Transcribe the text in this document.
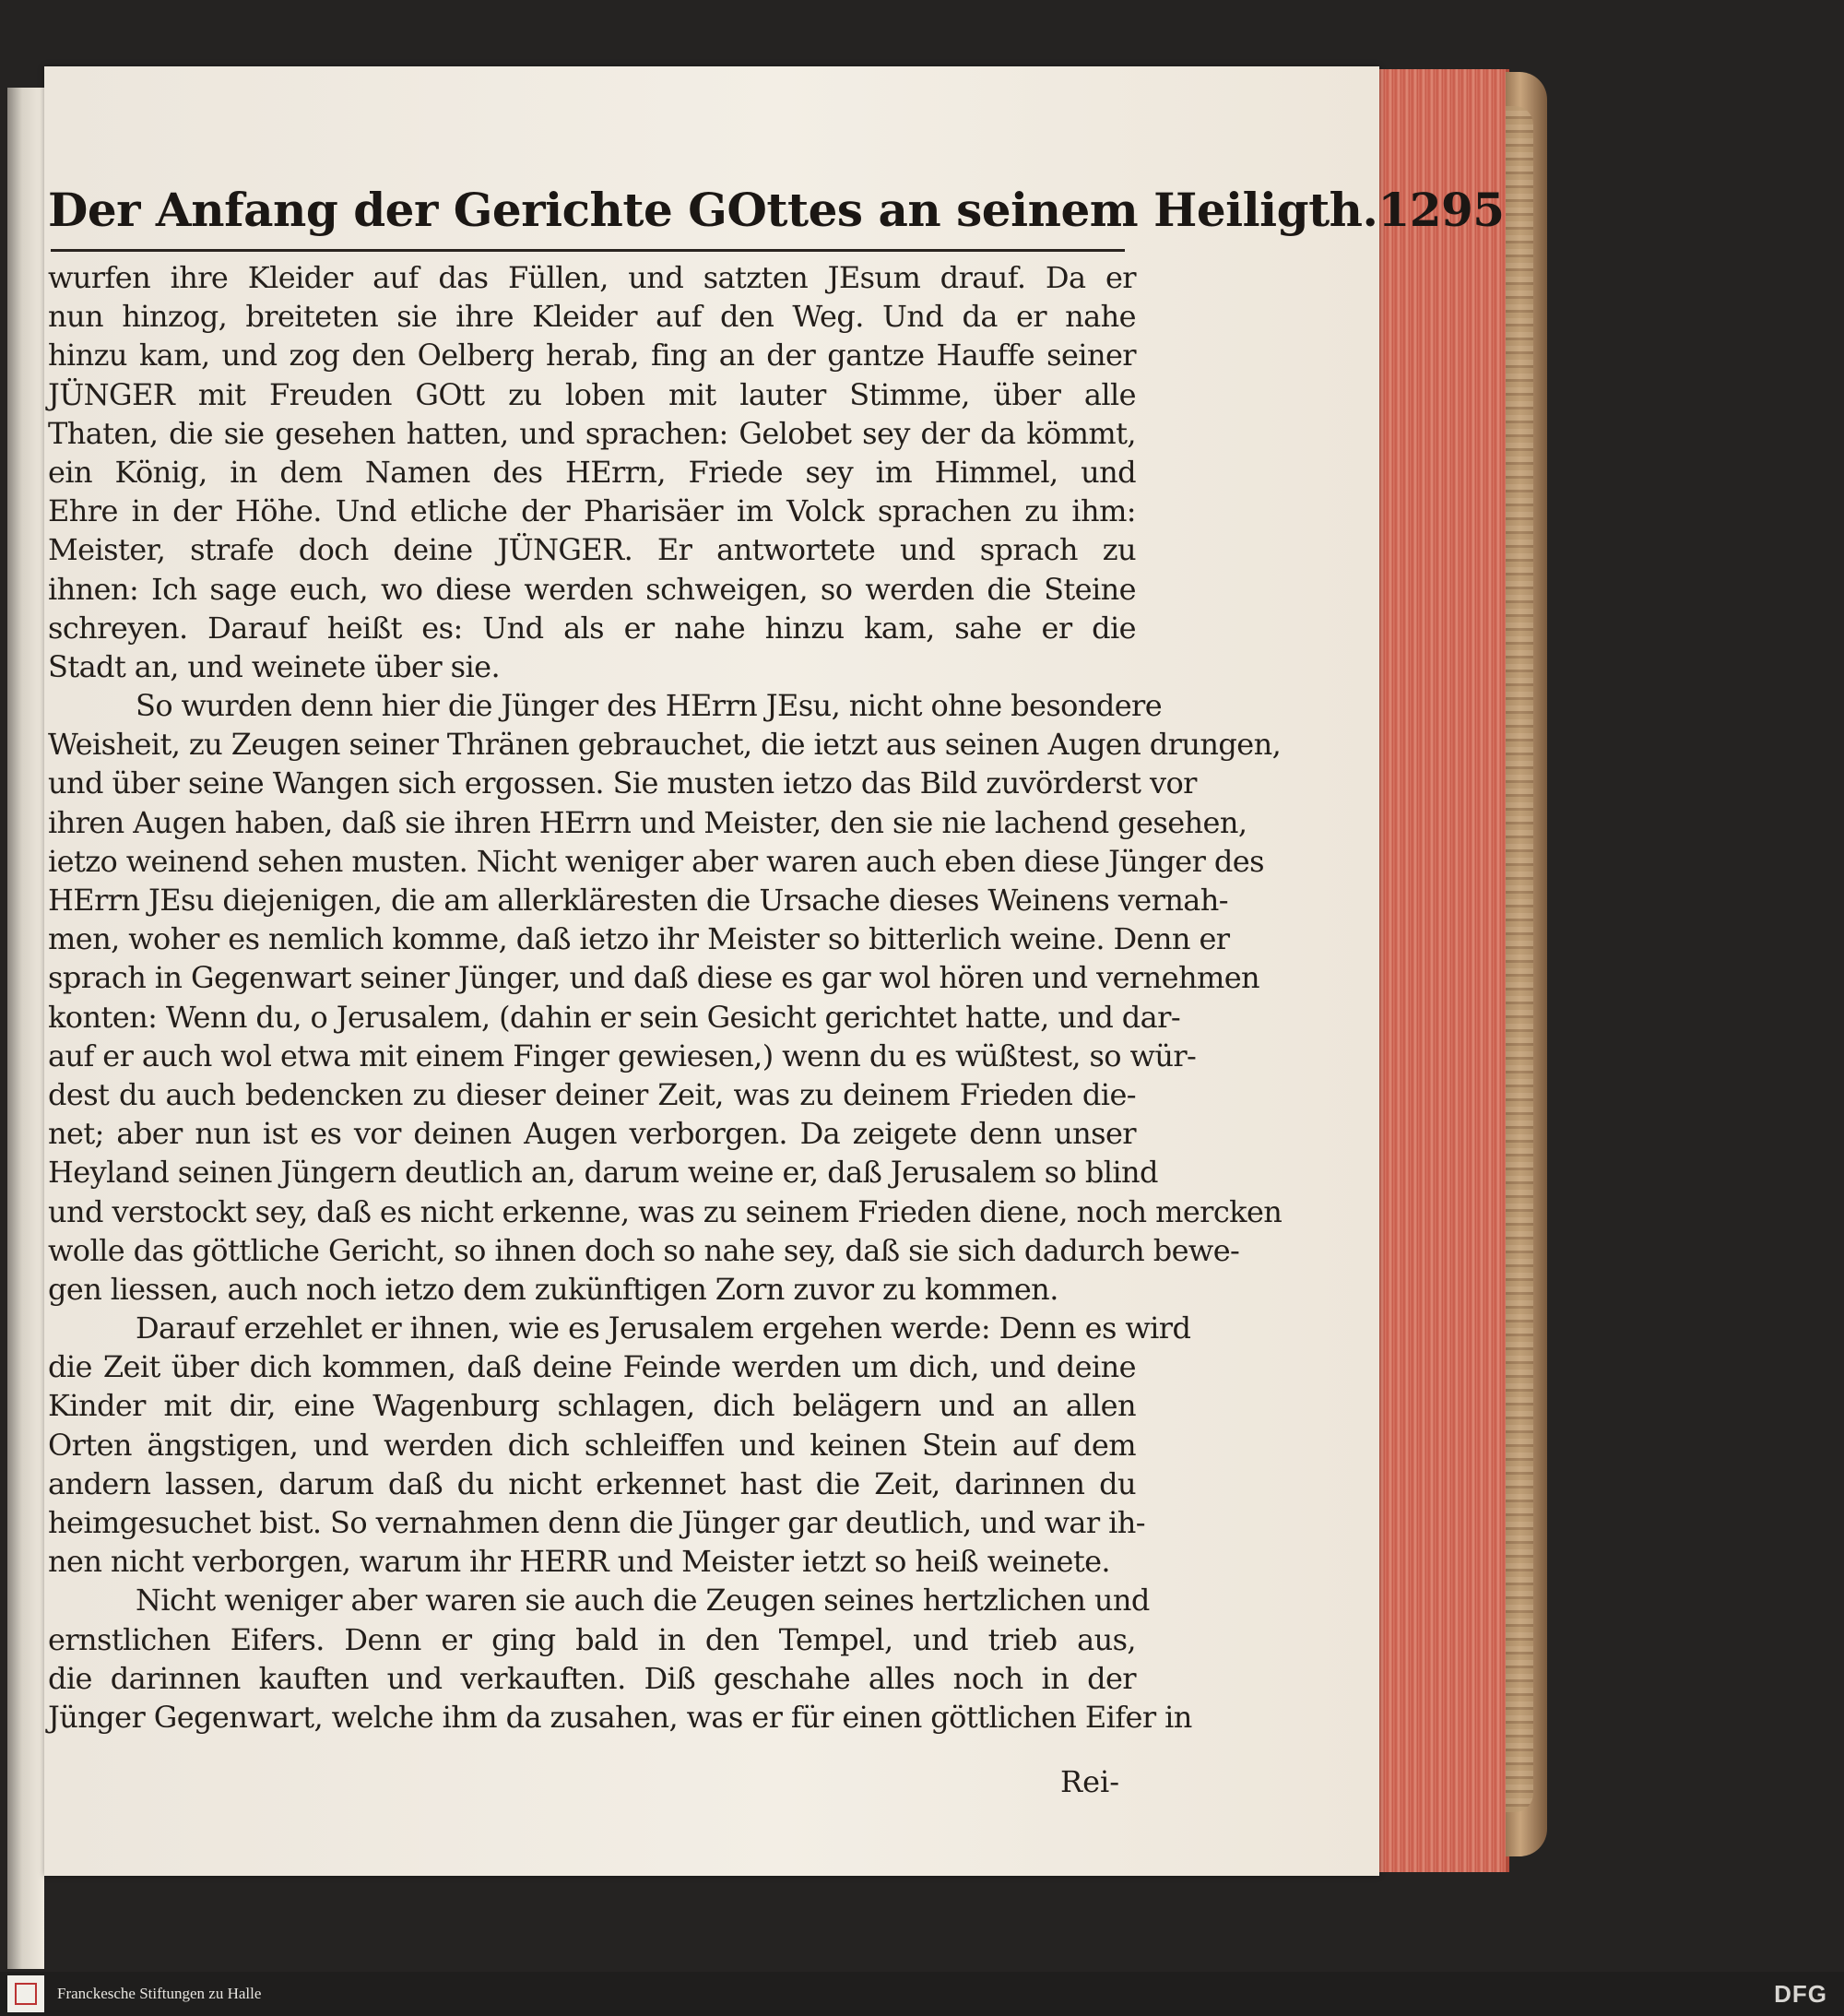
Der Anfang der Gerichte GOttes an seinem Heiligth. 1295
wurfen ihre Kleider auf das Füllen, und satzten JEsum drauf. Da er
nun hinzog, breiteten sie ihre Kleider auf den Weg. Und da er nahe
hinzu kam, und zog den Oelberg herab, fing an der gantze Hauffe seiner
JÜNGER mit Freuden GOtt zu loben mit lauter Stimme, über alle
Thaten, die sie gesehen hatten, und sprachen: Gelobet sey der da kömmt,
ein König, in dem Namen des HErrn, Friede sey im Himmel, und
Ehre in der Höhe. Und etliche der Pharisäer im Volck sprachen zu ihm:
Meister, strafe doch deine JÜNGER. Er antwortete und sprach zu
ihnen: Ich sage euch, wo diese werden schweigen, so werden die Steine
schreyen. Darauf heißt es: Und als er nahe hinzu kam, sahe er die
Stadt an, und weinete über sie.
So wurden denn hier die Jünger des HErrn JEsu, nicht ohne besondere
Weisheit, zu Zeugen seiner Thränen gebrauchet, die ietzt aus seinen Augen drungen,
und über seine Wangen sich ergossen. Sie musten ietzo das Bild zuvörderst vor
ihren Augen haben, daß sie ihren HErrn und Meister, den sie nie lachend gesehen,
ietzo weinend sehen musten. Nicht weniger aber waren auch eben diese Jünger des
HErrn JEsu diejenigen, die am allerkläresten die Ursache dieses Weinens vernah-
men, woher es nemlich komme, daß ietzo ihr Meister so bitterlich weine. Denn er
sprach in Gegenwart seiner Jünger, und daß diese es gar wol hören und vernehmen
konten: Wenn du, o Jerusalem, (dahin er sein Gesicht gerichtet hatte, und dar-
auf er auch wol etwa mit einem Finger gewiesen,) wenn du es wüßtest, so wür-
dest du auch bedencken zu dieser deiner Zeit, was zu deinem Frieden die-
net; aber nun ist es vor deinen Augen verborgen. Da zeigete denn unser
Heyland seinen Jüngern deutlich an, darum weine er, daß Jerusalem so blind
und verstockt sey, daß es nicht erkenne, was zu seinem Frieden diene, noch mercken
wolle das göttliche Gericht, so ihnen doch so nahe sey, daß sie sich dadurch bewe-
gen liessen, auch noch ietzo dem zukünftigen Zorn zuvor zu kommen.
Darauf erzehlet er ihnen, wie es Jerusalem ergehen werde: Denn es wird
die Zeit über dich kommen, daß deine Feinde werden um dich, und deine
Kinder mit dir, eine Wagenburg schlagen, dich belägern und an allen
Orten ängstigen, und werden dich schleiffen und keinen Stein auf dem
andern lassen, darum daß du nicht erkennet hast die Zeit, darinnen du
heimgesuchet bist. So vernahmen denn die Jünger gar deutlich, und war ih-
nen nicht verborgen, warum ihr HERR und Meister ietzt so heiß weinete.
Nicht weniger aber waren sie auch die Zeugen seines hertzlichen und
ernstlichen Eifers. Denn er ging bald in den Tempel, und trieb aus,
die darinnen kauften und verkauften. Diß geschahe alles noch in der
Jünger Gegenwart, welche ihm da zusahen, was er für einen göttlichen Eifer in
Rei-
Franckesche Stiftungen zu Halle	DFG
